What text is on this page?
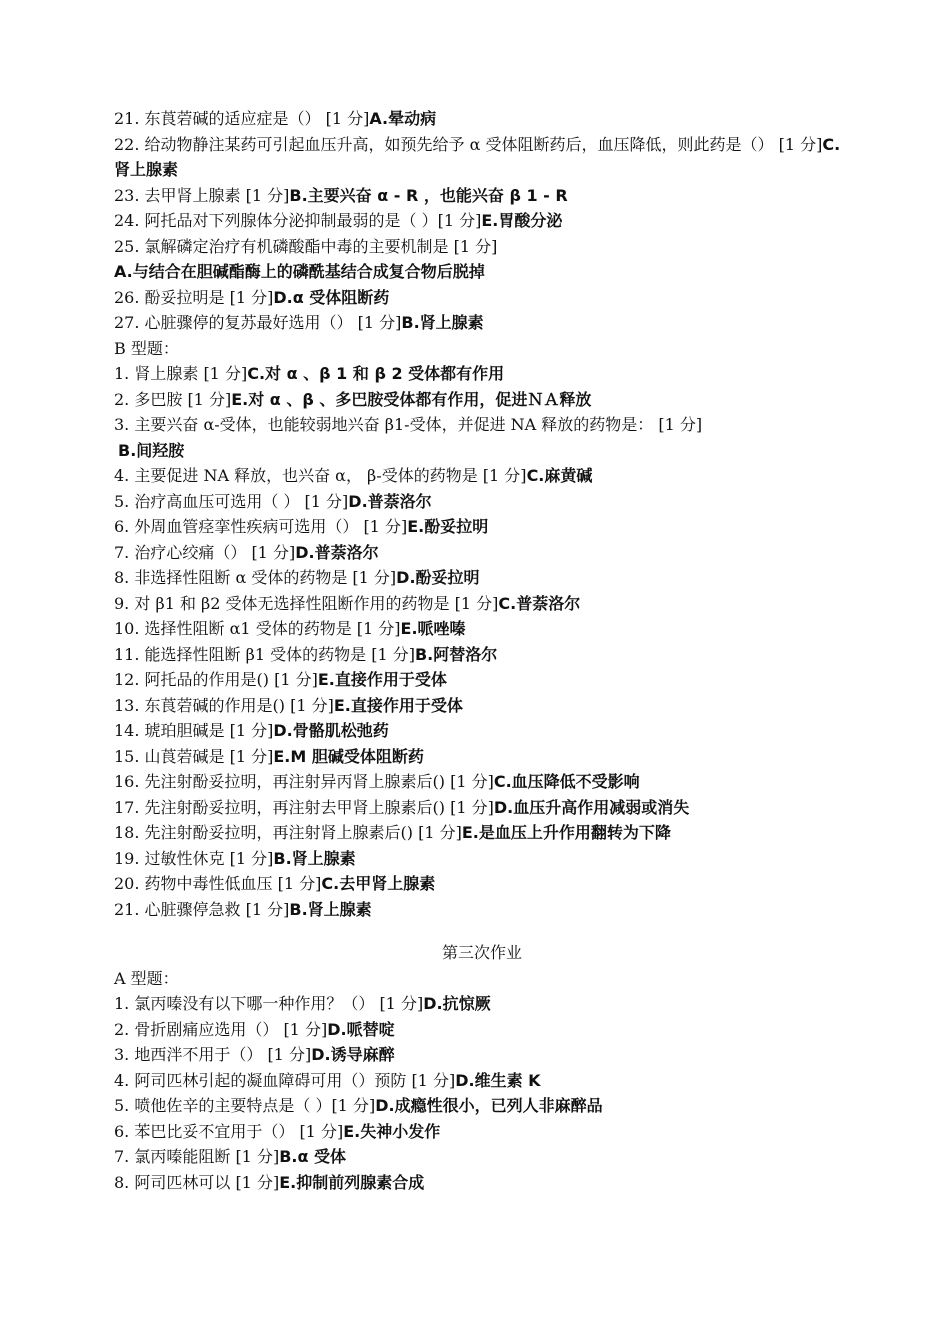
21. 东莨菪碱的适应症是（） [1 分]A.晕动病
22. 给动物静注某药可引起血压升高，如预先给予 α 受体阻断药后，血压降低，则此药是（） [1 分]C.肾上腺素
23. 去甲肾上腺素 [1 分]B.主要兴奋 α - R ，也能兴奋 β 1 - R
24. 阿托品对下列腺体分泌抑制最弱的是（ ）[1 分]E.胃酸分泌
25. 氯解磷定治疗有机磷酸酯中毒的主要机制是 [1 分]
A.与结合在胆碱酯酶上的磷酰基结合成复合物后脱掉
26. 酚妥拉明是 [1 分]D.α 受体阻断药
27. 心脏骤停的复苏最好选用（） [1 分]B.肾上腺素
B 型题：
1. 肾上腺素 [1 分]C.对 α 、β 1 和 β 2 受体都有作用
2. 多巴胺 [1 分]E.对 α 、β 、多巴胺受体都有作用，促进ＮＡ释放
3. 主要兴奋 α-受体，也能较弱地兴奋 β1-受体，并促进 NA 释放的药物是： [1 分]
B.间羟胺
4. 主要促进 NA 释放，也兴奋 α， β-受体的药物是 [1 分]C.麻黄碱
5. 治疗高血压可选用（ ） [1 分]D.普萘洛尔
6. 外周血管痉挛性疾病可选用（） [1 分]E.酚妥拉明
7. 治疗心绞痛（） [1 分]D.普萘洛尔
8. 非选择性阻断 α 受体的药物是 [1 分]D.酚妥拉明
9. 对 β1 和 β2 受体无选择性阻断作用的药物是 [1 分]C.普萘洛尔
10. 选择性阻断 α1 受体的药物是 [1 分]E.哌唑嗪
11. 能选择性阻断 β1 受体的药物是 [1 分]B.阿替洛尔
12. 阿托品的作用是() [1 分]E.直接作用于受体
13. 东莨菪碱的作用是() [1 分]E.直接作用于受体
14. 琥珀胆碱是 [1 分]D.骨骼肌松弛药
15. 山莨菪碱是 [1 分]E.M 胆碱受体阻断药
16. 先注射酚妥拉明，再注射异丙肾上腺素后() [1 分]C.血压降低不受影响
17. 先注射酚妥拉明，再注射去甲肾上腺素后() [1 分]D.血压升高作用减弱或消失
18. 先注射酚妥拉明，再注射肾上腺素后() [1 分]E.是血压上升作用翻转为下降
19. 过敏性休克 [1 分]B.肾上腺素
20. 药物中毒性低血压 [1 分]C.去甲肾上腺素
21. 心脏骤停急救 [1 分]B.肾上腺素
第三次作业
A 型题：
1. 氯丙嗪没有以下哪一种作用？（） [1 分]D.抗惊厥
2. 骨折剧痛应选用（） [1 分]D.哌替啶
3. 地西泮不用于（） [1 分]D.诱导麻醉
4. 阿司匹林引起的凝血障碍可用（）预防 [1 分]D.维生素 K
5. 喷他佐辛的主要特点是（ ）[1 分]D.成瘾性很小，已列人非麻醉品
6. 苯巴比妥不宜用于（） [1 分]E.失神小发作
7. 氯丙嗪能阻断 [1 分]B.α 受体
8. 阿司匹林可以 [1 分]E.抑制前列腺素合成
